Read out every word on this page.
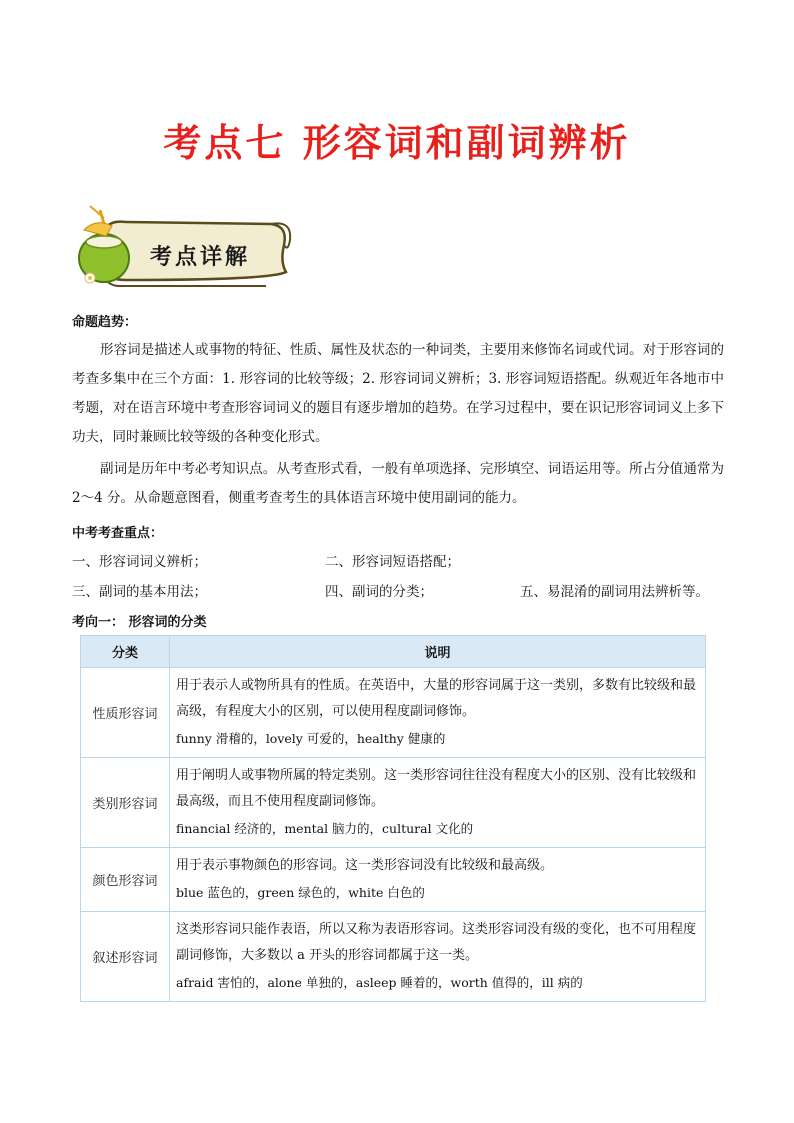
考点七 形容词和副词辨析
考点详解
命题趋势：
形容词是描述人或事物的特征、性质、属性及状态的一种词类，主要用来修饰名词或代词。对于形容词的考查多集中在三个方面：1. 形容词的比较等级；2. 形容词词义辨析；3. 形容词短语搭配。纵观近年各地市中考题，对在语言环境中考查形容词词义的题目有逐步增加的趋势。在学习过程中，要在识记形容词词义上多下功夫，同时兼顾比较等级的各种变化形式。
副词是历年中考必考知识点。从考查形式看，一般有单项选择、完形填空、词语运用等。所占分值通常为 2～4 分。从命题意图看，侧重考查考生的具体语言环境中使用副词的能力。
中考考查重点：
一、形容词词义辨析；	二、形容词短语搭配；
三、副词的基本用法；	四、副词的分类；	五、易混淆的副词用法辨析等。
考向一： 形容词的分类
分类	说明
性质形容词	用于表示人或物所具有的性质。在英语中，大量的形容词属于这一类别，多数有比较级和最高级，有程度大小的区别，可以使用程度副词修饰。
funny 滑稽的，lovely 可爱的，healthy 健康的

类别形容词	用于阐明人或事物所属的特定类别。这一类形容词往往没有程度大小的区别、没有比较级和最高级，而且不使用程度副词修饰。
financial 经济的，mental 脑力的，cultural 文化的

颜色形容词	用于表示事物颜色的形容词。这一类形容词没有比较级和最高级。
blue 蓝色的，green 绿色的，white 白色的

叙述形容词	这类形容词只能作表语，所以又称为表语形容词。这类形容词没有级的变化，也不可用程度副词修饰，大多数以 a 开头的形容词都属于这一类。
afraid 害怕的，alone 单独的，asleep 睡着的，worth 值得的，ill 病的
